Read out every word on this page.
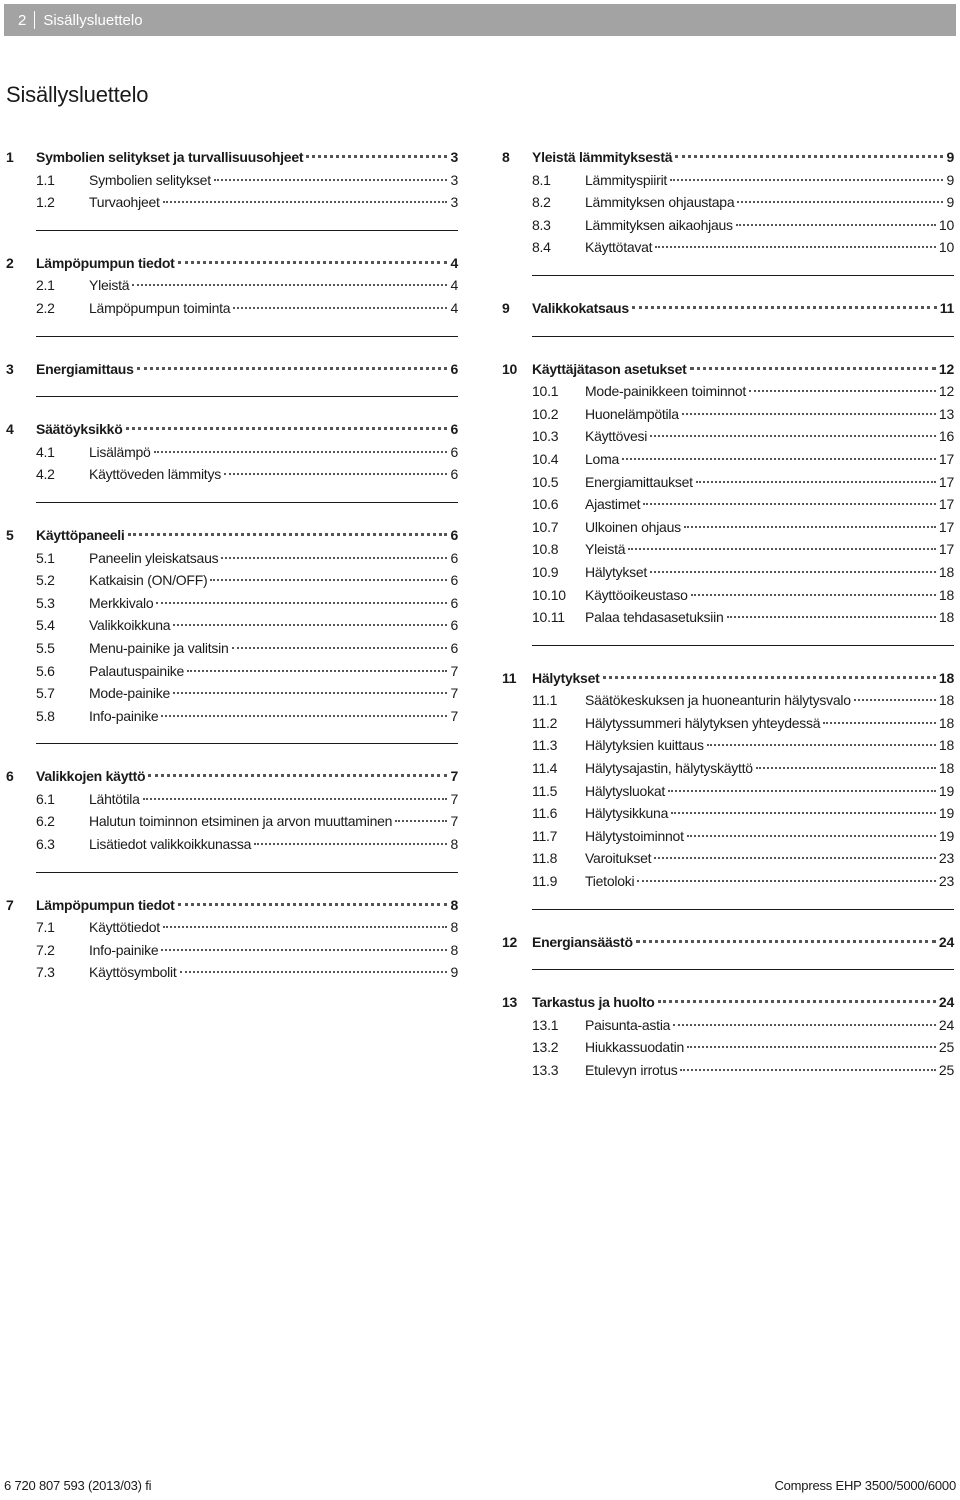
2 Sisällysluettelo
Sisällysluettelo
1	Symbolien selitykset ja turvallisuusohjeet	3
1.1	Symbolien selitykset	3
1.2	Turvaohjeet	3
2	Lämpöpumpun tiedot	4
2.1	Yleistä	4
2.2	Lämpöpumpun toiminta	4
3	Energiamittaus	6
4	Säätöyksikkö	6
4.1	Lisälämpö	6
4.2	Käyttöveden lämmitys	6
5	Käyttöpaneeli	6
5.1	Paneelin yleiskatsaus	6
5.2	Katkaisin (ON/OFF)	6
5.3	Merkkivalo	6
5.4	Valikkoikkuna	6
5.5	Menu-painike ja valitsin	6
5.6	Palautuspainike	7
5.7	Mode-painike	7
5.8	Info-painike	7
6	Valikkojen käyttö	7
6.1	Lähtötila	7
6.2	Halutun toiminnon etsiminen ja arvon muuttaminen	7
6.3	Lisätiedot valikkoikkunassa	8
7	Lämpöpumpun tiedot	8
7.1	Käyttötiedot	8
7.2	Info-painike	8
7.3	Käyttösymbolit	9
8	Yleistä lämmityksestä	9
8.1	Lämmityspiirit	9
8.2	Lämmityksen ohjaustapa	9
8.3	Lämmityksen aikaohjaus	10
8.4	Käyttötavat	10
9	Valikkokatsaus	11
10	Käyttäjätason asetukset	12
10.1	Mode-painikkeen toiminnot	12
10.2	Huonelämpötila	13
10.3	Käyttövesi	16
10.4	Loma	17
10.5	Energiamittaukset	17
10.6	Ajastimet	17
10.7	Ulkoinen ohjaus	17
10.8	Yleistä	17
10.9	Hälytykset	18
10.10	Käyttöoikeustaso	18
10.11	Palaa tehdasasetuksiin	18
11	Hälytykset	18
11.1	Säätökeskuksen ja huoneanturin hälytysvalo	18
11.2	Hälytyssummeri hälytyksen yhteydessä	18
11.3	Hälytyksien kuittaus	18
11.4	Hälytysajastin, hälytyskäyttö	18
11.5	Hälytysluokat	19
11.6	Hälytysikkuna	19
11.7	Hälytystoiminnot	19
11.8	Varoitukset	23
11.9	Tietoloki	23
12	Energiansäästö	24
13	Tarkastus ja huolto	24
13.1	Paisunta-astia	24
13.2	Hiukkassuodatin	25
13.3	Etulevyn irrotus	25
6 720 807 593 (2013/03) fi	Compress EHP 3500/5000/6000
